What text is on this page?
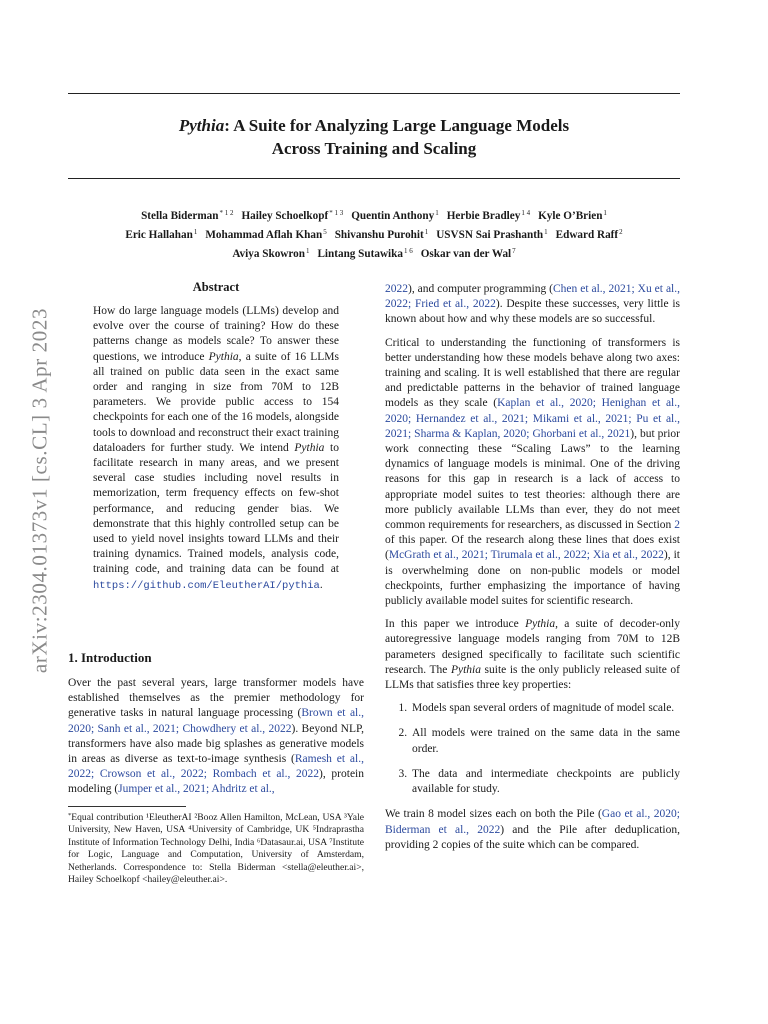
Pythia: A Suite for Analyzing Large Language Models
Across Training and Scaling
Stella Biderman$^{* 1 2}$ Hailey Schoelkopf$^{* 1 3}$ Quentin Anthony$^1$ Herbie Bradley$^{1 4}$ Kyle O’Brien$^1$
Eric Hallahan$^1$ Mohammad Aflah Khan$^5$ Shivanshu Purohit$^1$ USVSN Sai Prashanth$^1$ Edward Raff$^2$
Aviya Skowron$^1$ Lintang Sutawika$^{1 6}$ Oskar van der Wal$^7$
arXiv:2304.01373v1 [cs.CL] 3 Apr 2023
Abstract

How do large language models (LLMs) develop and evolve over the course of training? How do these patterns change as models scale? To answer these questions, we introduce Pythia, a suite of 16 LLMs all trained on public data seen in the exact same order and ranging in size from 70M to 12B parameters. We provide public access to 154 checkpoints for each one of the 16 models, alongside tools to download and reconstruct their exact training dataloaders for further study. We intend Pythia to facilitate research in many areas, and we present several case studies including novel results in memorization, term frequency effects on few-shot performance, and reducing gender bias. We demonstrate that this highly controlled setup can be used to yield novel insights toward LLMs and their training dynamics. Trained models, analysis code, training code, and training data can be found at https://github.com/EleutherAI/pythia.

1. Introduction

Over the past several years, large transformer models have established themselves as the premier methodology for generative tasks in natural language processing (Brown et al., 2020; Sanh et al., 2021; Chowdhery et al., 2022). Beyond NLP, transformers have also made big splashes as generative models in areas as diverse as text-to-image synthesis (Ramesh et al., 2022; Crowson et al., 2022; Rombach et al., 2022), protein modeling (Jumper et al., 2021; Ahdritz et al.,

*Equal contribution ¹EleutherAI ²Booz Allen Hamilton, McLean, USA ³Yale University, New Haven, USA ⁴University of Cambridge, UK ⁵Indraprastha Institute of Information Technology Delhi, India ⁶Datasaur.ai, USA ⁷Institute for Logic, Language and Computation, University of Amsterdam, Netherlands. Correspondence to: Stella Biderman <stella@eleuther.ai>, Hailey Schoelkopf <hailey@eleuther.ai>.

2022), and computer programming (Chen et al., 2021; Xu et al., 2022; Fried et al., 2022). Despite these successes, very little is known about how and why these models are so successful.

Critical to understanding the functioning of transformers is better understanding how these models behave along two axes: training and scaling. It is well established that there are regular and predictable patterns in the behavior of trained language models as they scale (Kaplan et al., 2020; Henighan et al., 2020; Hernandez et al., 2021; Mikami et al., 2021; Pu et al., 2021; Sharma & Kaplan, 2020; Ghorbani et al., 2021), but prior work connecting these “Scaling Laws” to the learning dynamics of language models is minimal. One of the driving reasons for this gap in research is a lack of access to appropriate model suites to test theories: although there are more publicly available LLMs than ever, they do not meet common requirements for researchers, as discussed in Section 2 of this paper. Of the research along these lines that does exist (McGrath et al., 2021; Tirumala et al., 2022; Xia et al., 2022), it is overwhelming done on non-public models or model checkpoints, further emphasizing the importance of having publicly available model suites for scientific research.

In this paper we introduce Pythia, a suite of decoder-only autoregressive language models ranging from 70M to 12B parameters designed specifically to facilitate such scientific research. The Pythia suite is the only publicly released suite of LLMs that satisfies three key properties:

1. Models span several orders of magnitude of model scale.
2. All models were trained on the same data in the same order.
3. The data and intermediate checkpoints are publicly available for study.

We train 8 model sizes each on both the Pile (Gao et al., 2020; Biderman et al., 2022) and the Pile after deduplication, providing 2 copies of the suite which can be compared.
